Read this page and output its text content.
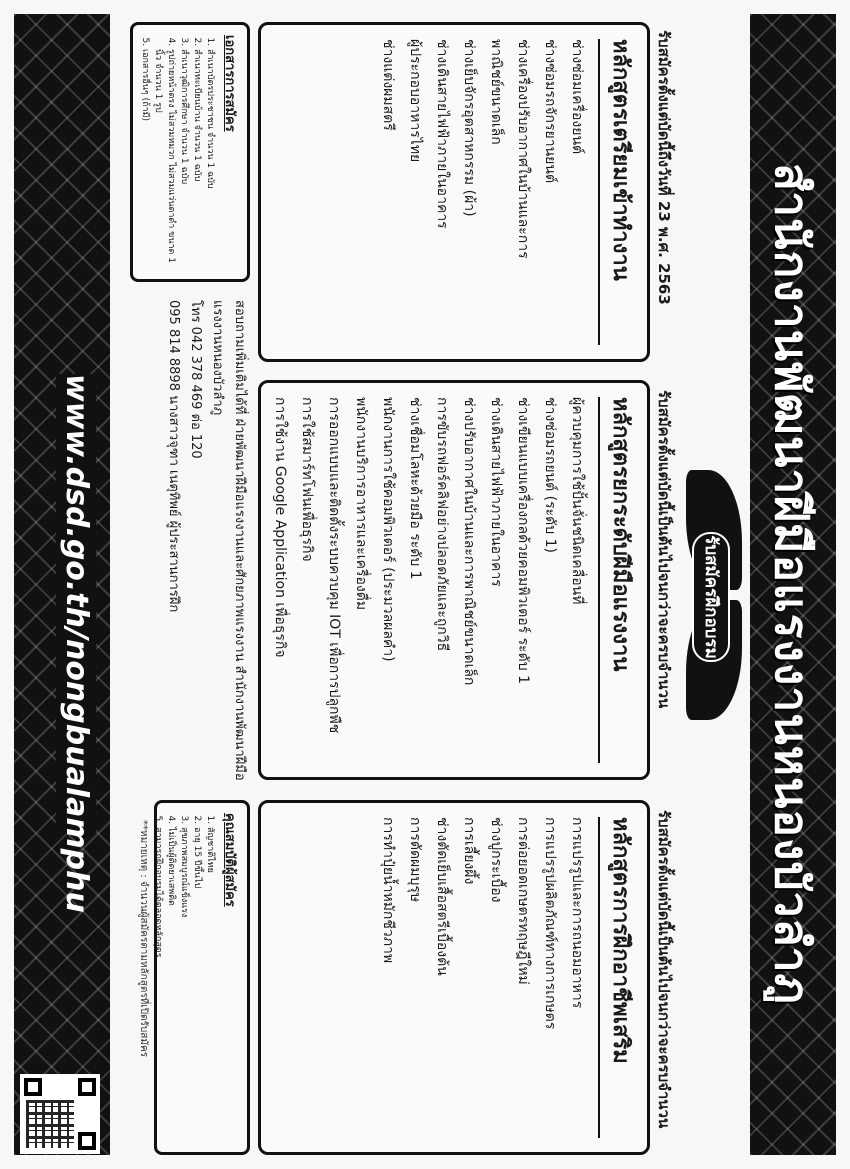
สำนักงานพัฒนาฝีมือแรงงานหนองบัวลำภู
รับสมัครฝึกอบรม
รับสมัครตั้งแต่บัดนี้ถึงวันที่ 23 พ.ศ. 2563
หลักสูตรเตรียมเข้าทำงาน
ช่างซ่อมเครื่องยนต์
ช่างซ่อมรถจักรยานยนต์
ช่างเครื่องปรับอากาศในบ้านและการ
พาณิชย์ขนาดเล็ก
ช่างเย็บจักรอุตสาหกรรม (ผ้า)
ช่างเดินสายไฟฟ้าภายในอาคาร
ผู้ประกอบอาหารไทย
ช่างแต่งผมสตรี
รับสมัครตั้งแต่บัดนี้เป็นต้นไปจนกว่าจะครบจำนวน
หลักสูตรยกระดับฝีมือแรงงาน
ผู้ควบคุมการใช้ปั้นจั่นชนิดเคลื่อนที่
ช่างซ่อมรถยนต์ (ระดับ 1)
ช่างเขียนแบบเครื่องกลด้วยคอมพิวเตอร์ ระดับ 1
ช่างเดินสายไฟฟ้าภายในอาคาร
ช่างปรับอากาศในบ้านและการพาณิชย์ขนาดเล็ก
การขับรถฟอร์คลิฟอย่างปลอดภัยและถูกวิธี
ช่างเชื่อมโลหะด้วยมือ ระดับ 1
พนักงานการใช้คอมพิวเตอร์ (ประมวลผลคำ)
พนักงานบริการอาหารและเครื่องดื่ม
การออกแบบและติดตั้งระบบควบคุม IOT เพื่อการปลูกพืช
การใช้สมาร์ทโฟนเพื่อธุรกิจ
การใช้งาน Google Application เพื่อธุรกิจ
รับสมัครตั้งแต่บัดนี้เป็นต้นไปจนกว่าจะครบจำนวน
หลักสูตรการฝึกอาชีพเสริม
การแปรรูปและการถนอมอาหาร
การแปรรูปผลิตภัณฑ์ทางการเกษตร
การต่อยอดเกษตรทฤษฎีใหม่
ช่างปูกระเบื้อง
การเลี้ยงผึ้ง
ช่างตัดเย็บเสื้อสตรีเบื้องต้น
การตัดผมบุรุษ
การทำปุ๋ยน้ำหมักชีวภาพ
เอกสารการสมัคร
1. สำเนาบัตรประชาชน จำนวน 1 ฉบับ
2. สำเนาทะเบียนบ้าน จำนวน 1 ฉบับ
3. สำเนาวุฒิการศึกษา จำนวน 1 ฉบับ
4. รูปถ่ายหน้าตรง ไม่สวมหมวก ไม่สวมแว่นตาดำ ขนาด 1 นิ้ว จำนวน 1 รูป
5. เอกสารอื่นๆ (ถ้ามี)
สอบถามเพิ่มเติมได้ที่ ฝ่ายพัฒนาฝีมือแรงงานและศักยภาพแรงงาน สำนักงานพัฒนาฝีมือแรงงานหนองบัวลำภู
โทร 042 378 469 ต่อ 120
095 814 8898 นางสาวจุฑา เนตุทิพย์ ผู้ประสานการฝึก
คุณสมบัติผู้สมัคร
1. สัญชาติไทย
2. อายุ 15 ปีขึ้นไป
3. สุขภาพสมบูรณ์แข็งแรง
4. ไม่เป็นผู้ติดยาเสพติด
5. สามารถฝึกอบรมได้ตลอดหลักสูตร
**หมายเหตุ : จำนวนผู้สมัครตามหลักสูตรที่เปิดรับสมัคร
www.dsd.go.th/nongbualamphu
